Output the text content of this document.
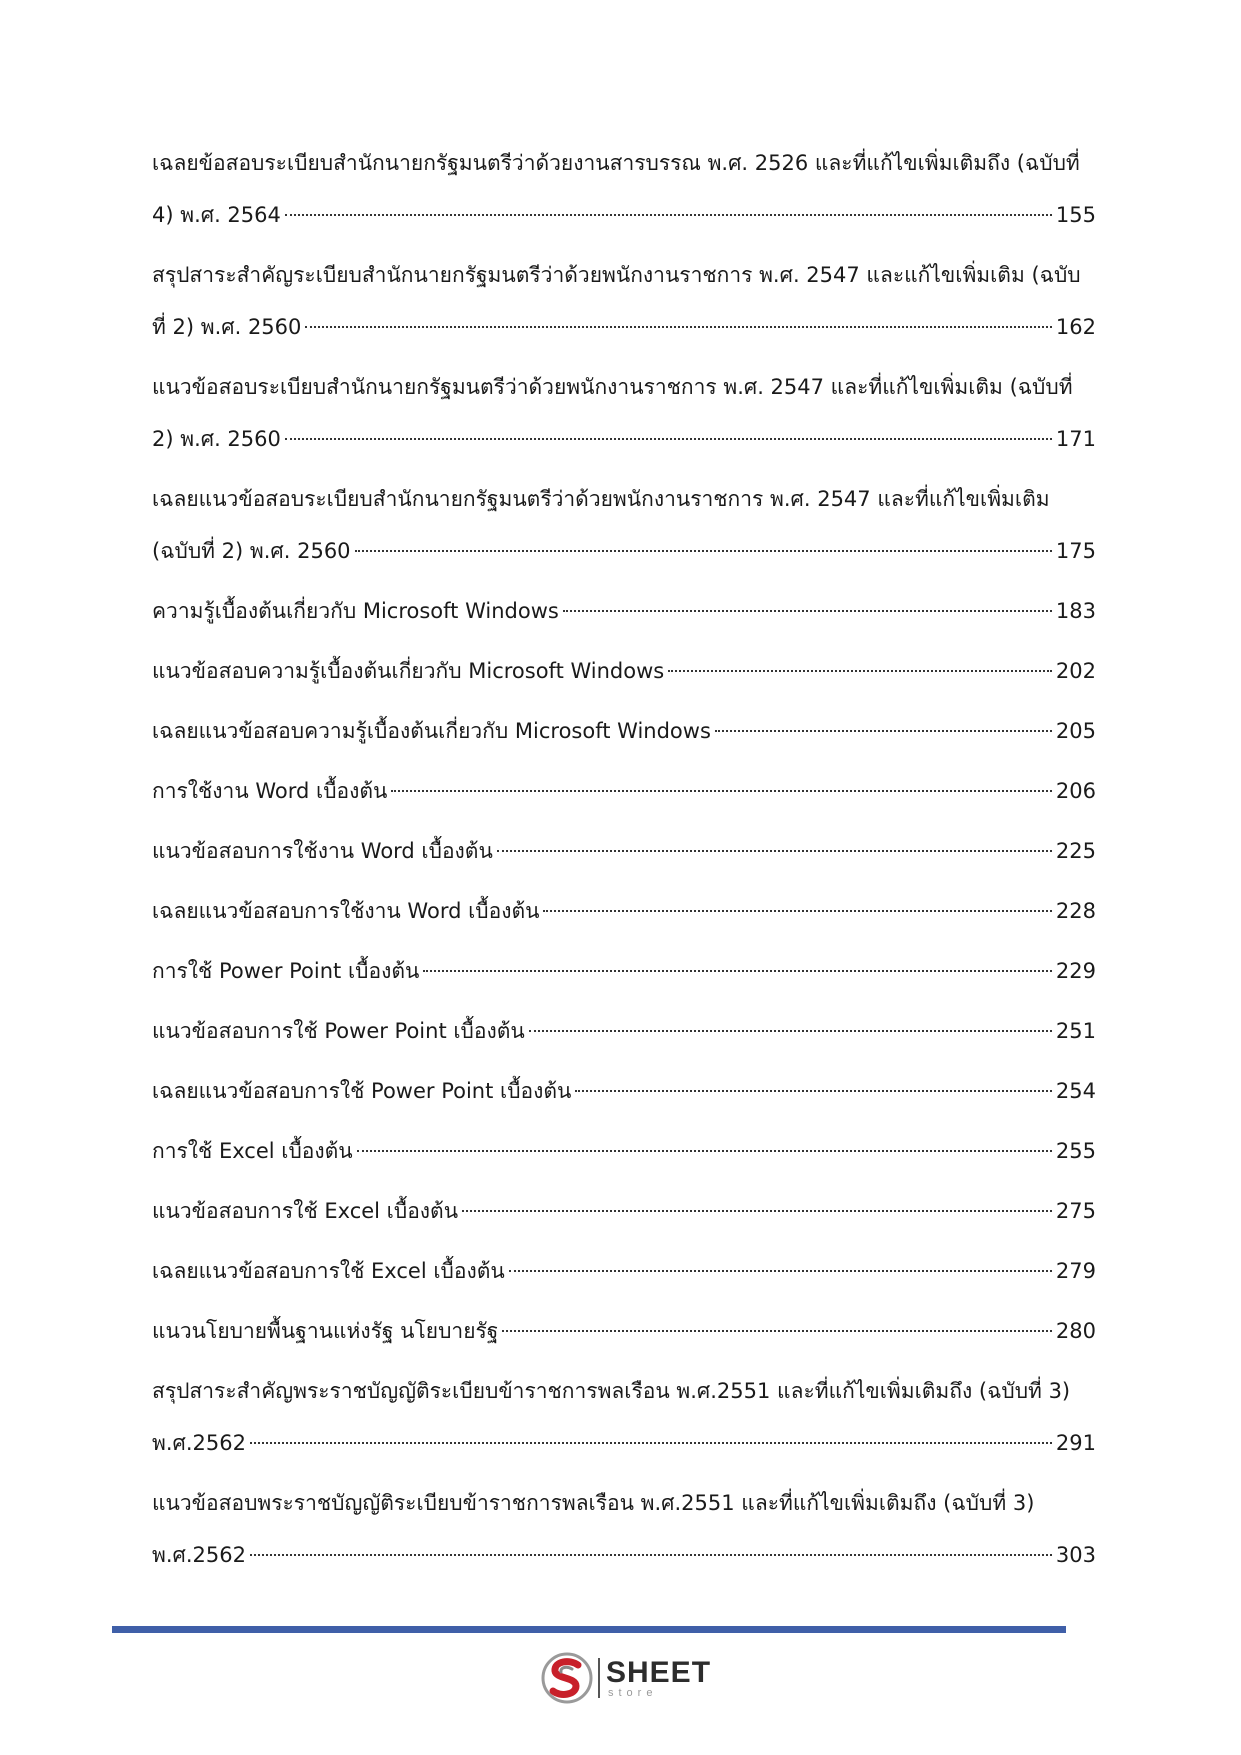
เฉลยข้อสอบระเบียบสำนักนายกรัฐมนตรีว่าด้วยงานสารบรรณ พ.ศ. 2526 และที่แก้ไขเพิ่มเติมถึง (ฉบับที่
4) พ.ศ. 2564	155
สรุปสาระสำคัญระเบียบสำนักนายกรัฐมนตรีว่าด้วยพนักงานราชการ พ.ศ. 2547 และแก้ไขเพิ่มเติม (ฉบับ
ที่ 2) พ.ศ. 2560	162
แนวข้อสอบระเบียบสำนักนายกรัฐมนตรีว่าด้วยพนักงานราชการ พ.ศ. 2547 และที่แก้ไขเพิ่มเติม (ฉบับที่
2) พ.ศ. 2560	171
เฉลยแนวข้อสอบระเบียบสำนักนายกรัฐมนตรีว่าด้วยพนักงานราชการ พ.ศ. 2547 และที่แก้ไขเพิ่มเติม
(ฉบับที่ 2) พ.ศ. 2560	175
ความรู้เบื้องต้นเกี่ยวกับ Microsoft Windows	183
แนวข้อสอบความรู้เบื้องต้นเกี่ยวกับ Microsoft Windows	202
เฉลยแนวข้อสอบความรู้เบื้องต้นเกี่ยวกับ Microsoft Windows	205
การใช้งาน Word เบื้องต้น	206
แนวข้อสอบการใช้งาน Word เบื้องต้น	225
เฉลยแนวข้อสอบการใช้งาน Word เบื้องต้น	228
การใช้ Power Point เบื้องต้น	229
แนวข้อสอบการใช้ Power Point เบื้องต้น	251
เฉลยแนวข้อสอบการใช้ Power Point เบื้องต้น	254
การใช้ Excel เบื้องต้น	255
แนวข้อสอบการใช้ Excel เบื้องต้น	275
เฉลยแนวข้อสอบการใช้ Excel เบื้องต้น	279
แนวนโยบายพื้นฐานแห่งรัฐ นโยบายรัฐ	280
สรุปสาระสำคัญพระราชบัญญัติระเบียบข้าราชการพลเรือน พ.ศ.2551 และที่แก้ไขเพิ่มเติมถึง (ฉบับที่ 3)
พ.ศ.2562	291
แนวข้อสอบพระราชบัญญัติระเบียบข้าราชการพลเรือน พ.ศ.2551 และที่แก้ไขเพิ่มเติมถึง (ฉบับที่ 3)
พ.ศ.2562	303
SHEET
store
